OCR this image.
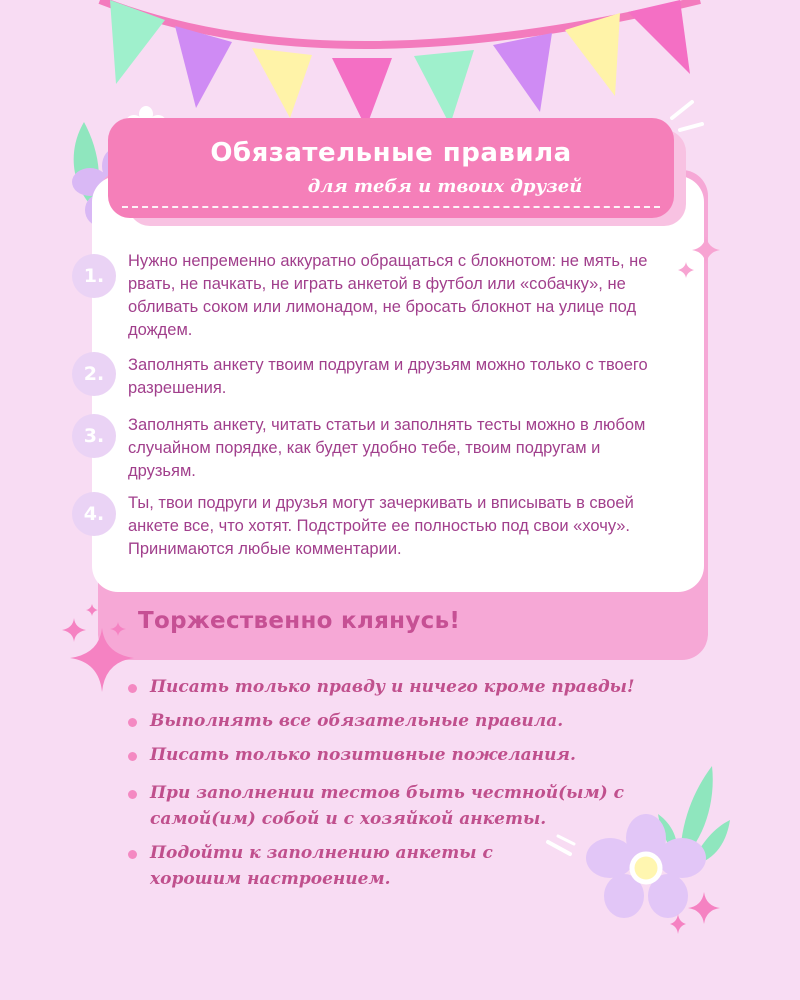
Обязательные правила
для тебя и твоих друзей
1.
Нужно непременно аккуратно обращаться с блокнотом: не мять, не рвать, не пачкать, не играть анкетой в футбол или «собачку», не обливать соком или лимонадом, не бросать блокнот на улице под дождем.
2.	Заполнять анкету твоим подругам и друзьям можно только с твоего разрешения.
3.	Заполнять анкету, читать статьи и заполнять тесты можно в любом случайном порядке, как будет удобно тебе, твоим подругам и друзьям.
4.	Ты, твои подруги и друзья могут зачеркивать и вписывать в своей анкете все, что хотят. Подстройте ее полностью под свои «хочу». Принимаются любые комментарии.
Торжественно клянусь!
Писать только правду и ничего кроме правды!
Выполнять все обязательные правила.
Писать только позитивные пожелания.
При заполнении тестов быть честной(ым) с самой(им) собой и с хозяйкой анкеты.
Подойти к заполнению анкеты с хорошим настроением.
